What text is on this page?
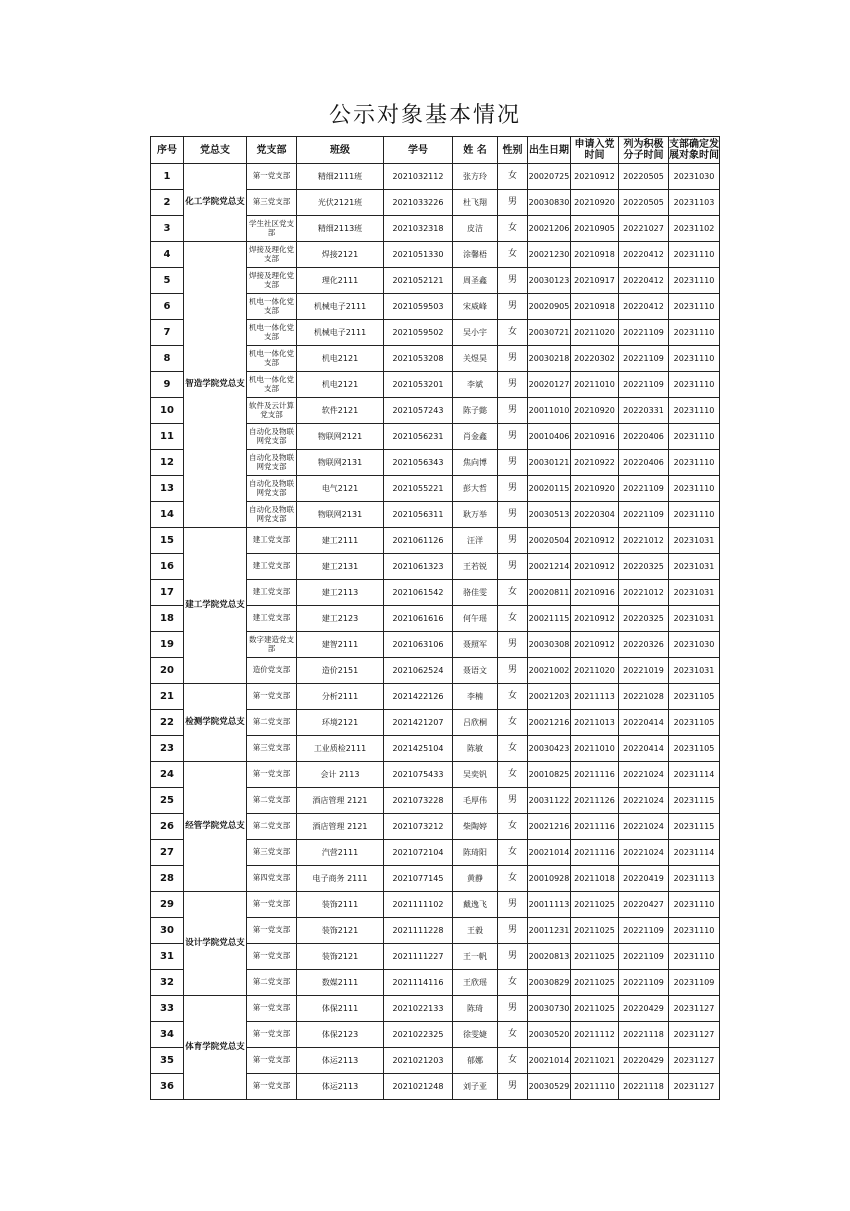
公示对象基本情况
序号	党总支	党支部	班级	学号	姓 名	性别	出生日期	申请入党时间	列为积极分子时间	支部确定发展对象时间
1	化工学院党总支	第一党支部	精细2111班	2021032112	张方玲	女	20020725	20210912	20220505	20231030
2		第三党支部	光伏2121班	2021033226	杜飞翔	男	20030830	20210920	20220505	20231103
3		学生社区党支部	精细2113班	2021032318	皮洁	女	20021206	20210905	20221027	20231102
4	智造学院党总支	焊接及理化党支部	焊接2121	2021051330	涂馨梧	女	20021230	20210918	20220412	20231110
5		焊接及理化党支部	理化2111	2021052121	周圣鑫	男	20030123	20210917	20220412	20231110
6		机电一体化党支部	机械电子2111	2021059503	宋威峰	男	20020905	20210918	20220412	20231110
7		机电一体化党支部	机械电子2111	2021059502	吴小宇	女	20030721	20211020	20221109	20231110
8		机电一体化党支部	机电2121	2021053208	关煜昊	男	20030218	20220302	20221109	20231110
9		机电一体化党支部	机电2121	2021053201	李斌	男	20020127	20211010	20221109	20231110
10		软件及云计算党支部	软件2121	2021057243	陈子懿	男	20011010	20210920	20220331	20231110
11		自动化及物联网党支部	物联网2121	2021056231	肖金鑫	男	20010406	20210916	20220406	20231110
12		自动化及物联网党支部	物联网2131	2021056343	焦向博	男	20030121	20210922	20220406	20231110
13		自动化及物联网党支部	电气2121	2021055221	彭大哲	男	20020115	20210920	20221109	20231110
14		自动化及物联网党支部	物联网2131	2021056311	耿万举	男	20030513	20220304	20221109	20231110
15	建工学院党总支	建工党支部	建工2111	2021061126	汪洋	男	20020504	20210912	20221012	20231031
16		建工党支部	建工2131	2021061323	王若锐	男	20021214	20210912	20220325	20231031
17		建工党支部	建工2113	2021061542	骆佳雯	女	20020811	20210916	20221012	20231031
18		建工党支部	建工2123	2021061616	何午瑶	女	20021115	20210912	20220325	20231031
19		数字建造党支部	建智2111	2021063106	聂照军	男	20030308	20210912	20220326	20231030
20		造价党支部	造价2151	2021062524	聂语文	男	20021002	20211020	20221019	20231031
21	检测学院党总支	第一党支部	分析2111	2021422126	李楠	女	20021203	20211113	20221028	20231105
22		第二党支部	环境2121	2021421207	吕欣桐	女	20021216	20211013	20220414	20231105
23		第三党支部	工业质检2111	2021425104	陈敏	女	20030423	20211010	20220414	20231105
24	经管学院党总支	第一党支部	会计 2113	2021075433	吴奕钒	女	20010825	20211116	20221024	20231114
25		第二党支部	酒店管理 2121	2021073228	毛厚伟	男	20031122	20211126	20221024	20231115
26		第二党支部	酒店管理 2121	2021073212	柴陶婷	女	20021216	20211116	20221024	20231115
27		第三党支部	汽营2111	2021072104	陈琦阳	女	20021014	20211116	20221024	20231114
28		第四党支部	电子商务 2111	2021077145	黄静	女	20010928	20211018	20220419	20231113
29	设计学院党总支	第一党支部	装饰2111	2021111102	戴逸飞	男	20011113	20211025	20220427	20231110
30		第一党支部	装饰2121	2021111228	王毅	男	20011231	20211025	20221109	20231110
31		第一党支部	装饰2121	2021111227	王一帆	男	20020813	20211025	20221109	20231110
32		第二党支部	数媒2111	2021114116	王欣瑶	女	20030829	20211025	20221109	20231109
33	体育学院党总支	第一党支部	体保2111	2021022133	陈琦	男	20030730	20211025	20220429	20231127
34		第一党支部	体保2123	2021022325	徐雯婕	女	20030520	20211112	20221118	20231127
35		第一党支部	体运2113	2021021203	郁娜	女	20021014	20211021	20220429	20231127
36		第一党支部	体运2113	2021021248	刘子亚	男	20030529	20211110	20221118	20231127
